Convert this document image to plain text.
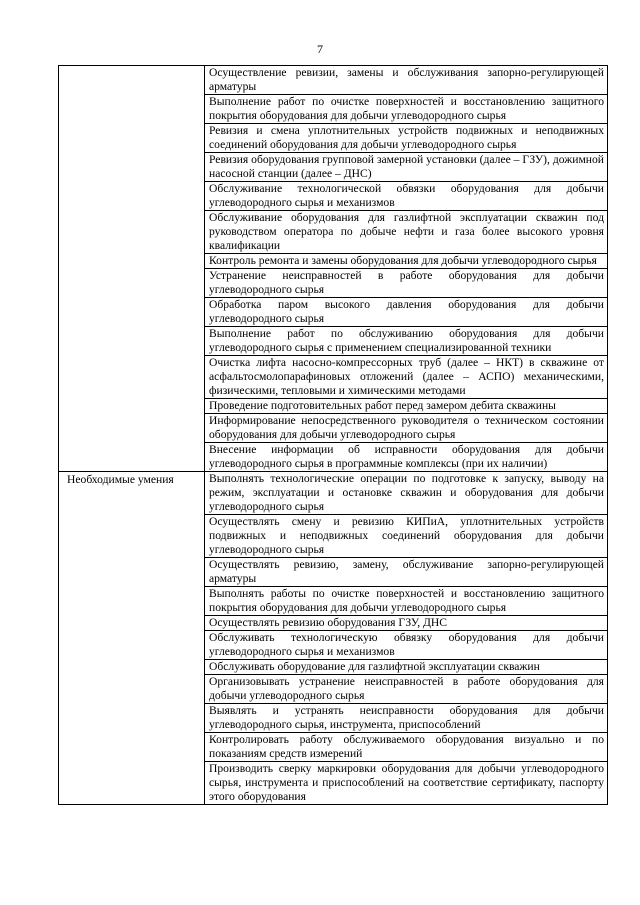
7
	Осуществление ревизии, замены и обслуживания запорно-регулирующей арматуры
	Выполнение работ по очистке поверхностей и восстановлению защитного покрытия оборудования для добычи углеводородного сырья
	Ревизия и смена уплотнительных устройств подвижных и неподвижных соединений оборудования для добычи углеводородного сырья
	Ревизия оборудования групповой замерной установки (далее – ГЗУ), дожимной насосной станции (далее – ДНС)
	Обслуживание технологической обвязки оборудования для добычи углеводородного сырья и механизмов
	Обслуживание оборудования для газлифтной эксплуатации скважин под руководством оператора по добыче нефти и газа более высокого уровня квалификации
	Контроль ремонта и замены оборудования для добычи углеводородного сырья
	Устранение неисправностей в работе оборудования для добычи углеводородного сырья
	Обработка паром высокого давления оборудования для добычи углеводородного сырья
	Выполнение работ по обслуживанию оборудования для добычи углеводородного сырья с применением специализированной техники
	Очистка лифта насосно-компрессорных труб (далее – НКТ) в скважине от асфальтосмолопарафиновых отложений (далее – АСПО) механическими, физическими, тепловыми и химическими методами
	Проведение подготовительных работ перед замером дебита скважины
	Информирование непосредственного руководителя о техническом состоянии оборудования для добычи углеводородного сырья
	Внесение информации об исправности оборудования для добычи углеводородного сырья в программные комплексы (при их наличии)
Необходимые умения	Выполнять технологические операции по подготовке к запуску, выводу на режим, эксплуатации и остановке скважин и оборудования для добычи углеводородного сырья
	Осуществлять смену и ревизию КИПиА, уплотнительных устройств подвижных и неподвижных соединений оборудования для добычи углеводородного сырья
	Осуществлять ревизию, замену, обслуживание запорно-регулирующей арматуры
	Выполнять работы по очистке поверхностей и восстановлению защитного покрытия оборудования для добычи углеводородного сырья
	Осуществлять ревизию оборудования ГЗУ, ДНС
	Обслуживать технологическую обвязку оборудования для добычи углеводородного сырья и механизмов
	Обслуживать оборудование для газлифтной эксплуатации скважин
	Организовывать устранение неисправностей в работе оборудования для добычи углеводородного сырья
	Выявлять и устранять неисправности оборудования для добычи углеводородного сырья, инструмента, приспособлений
	Контролировать работу обслуживаемого оборудования визуально и по показаниям средств измерений
	Производить сверку маркировки оборудования для добычи углеводородного сырья, инструмента и приспособлений на соответствие сертификату, паспорту этого оборудования
